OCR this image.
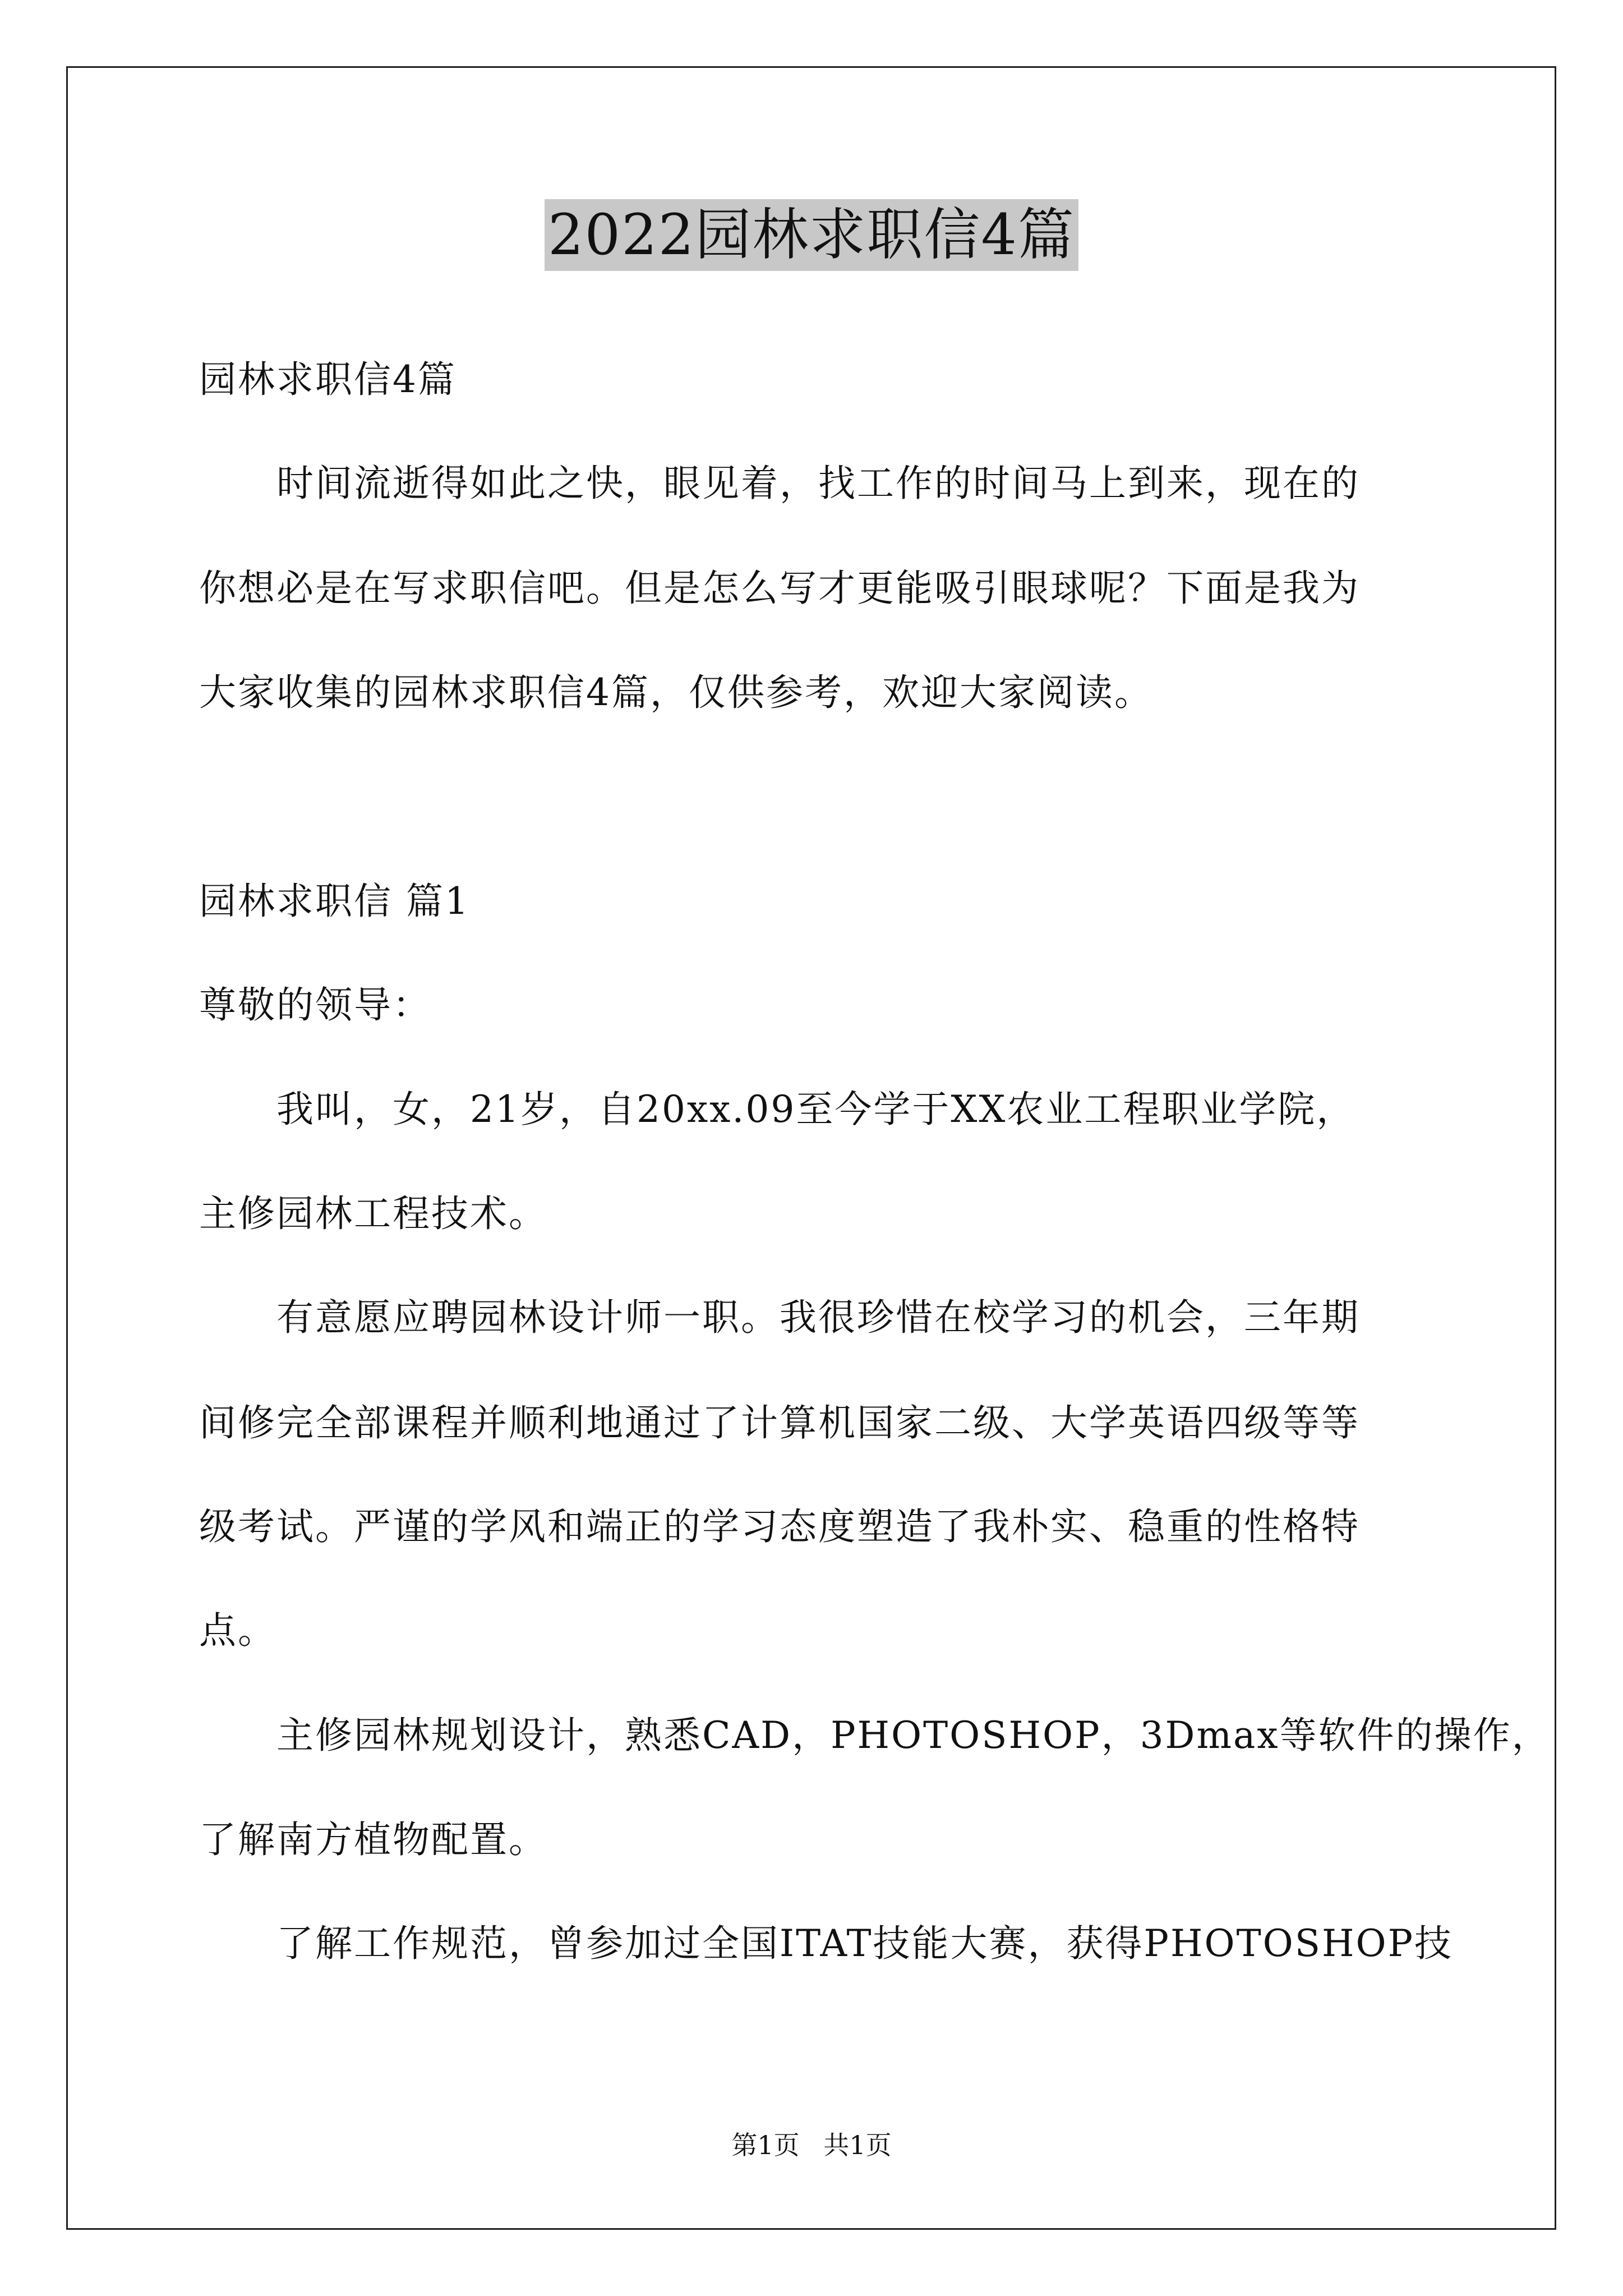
2022园林求职信4篇
园林求职信4篇
　　时间流逝得如此之快，眼见着，找工作的时间马上到来，现在的
你想必是在写求职信吧。但是怎么写才更能吸引眼球呢？下面是我为
大家收集的园林求职信4篇，仅供参考，欢迎大家阅读。
园林求职信 篇1
尊敬的领导：
　　我叫，女，21岁，自20xx.09至今学于XX农业工程职业学院，
主修园林工程技术。
　　有意愿应聘园林设计师一职。我很珍惜在校学习的机会，三年期
间修完全部课程并顺利地通过了计算机国家二级、大学英语四级等等
级考试。严谨的学风和端正的学习态度塑造了我朴实、稳重的性格特
点。
　　主修园林规划设计，熟悉CAD，PHOTOSHOP，3Dmax等软件的操作，
了解南方植物配置。
　　了解工作规范，曾参加过全国ITAT技能大赛，获得PHOTOSHOP技
第1页 共1页
